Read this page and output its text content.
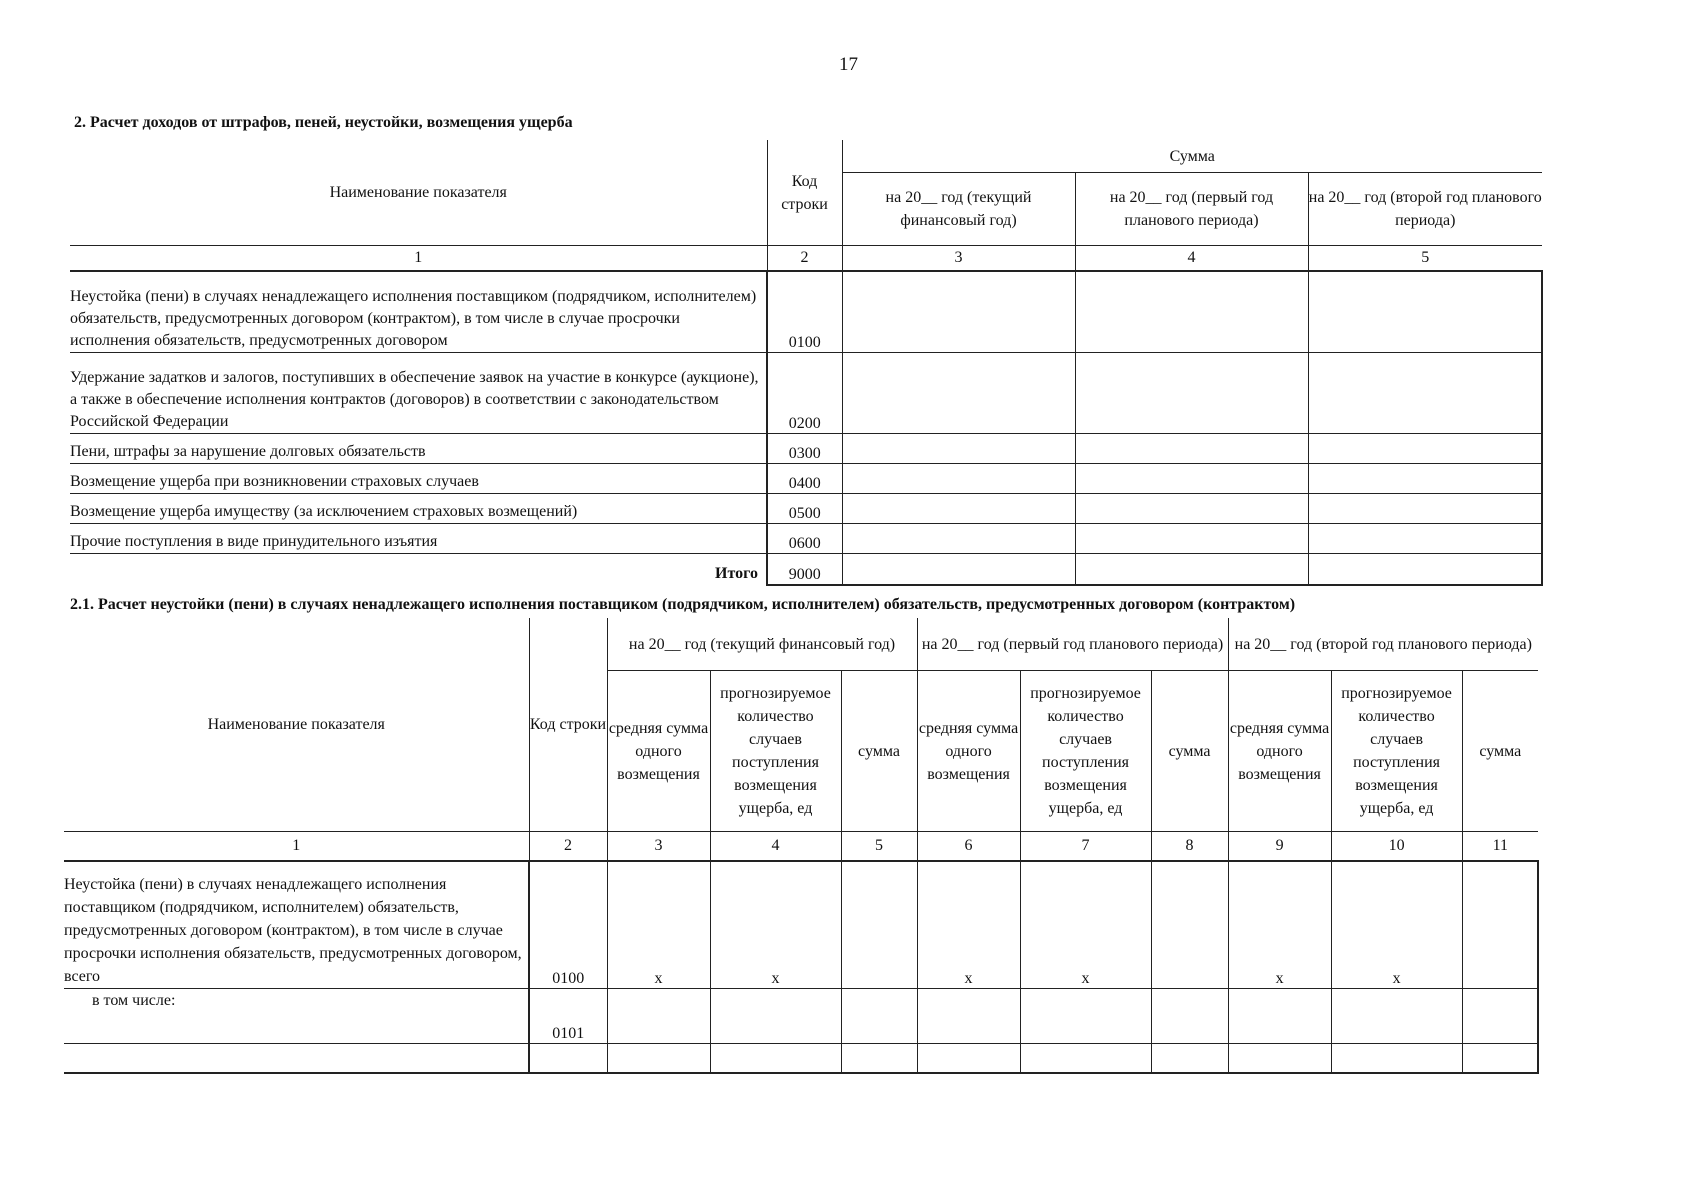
17
2. Расчет доходов от штрафов, пеней, неустойки, возмещения ущерба
Наименование показателя	Код строки	Сумма		
		на 20__ год (текущий финансовый год)	на 20__ год (первый год планового периода)	на 20__ год (второй год планового периода)
1	2	3	4	5
Неустойка (пени) в случаях ненадлежащего исполнения поставщиком (подрядчиком, исполнителем) обязательств, предусмотренных договором (контрактом), в том числе в случае просрочки исполнения обязательств, предусмотренных договором	0100			
Удержание задатков и залогов, поступивших в обеспечение заявок на участие в конкурсе (аукционе), а также в обеспечение исполнения контрактов (договоров) в соответствии с законодательством Российской Федерации	0200			
Пени, штрафы за нарушение долговых обязательств	0300			
Возмещение ущерба при возникновении страховых случаев	0400			
Возмещение ущерба имуществу (за исключением страховых возмещений)	0500			
Прочие поступления в виде принудительного изъятия	0600			
Итого	9000			
2.1. Расчет неустойки (пени) в случаях ненадлежащего исполнения поставщиком (подрядчиком, исполнителем) обязательств, предусмотренных договором (контрактом)
Наименование показателя	Код строки	на 20__ год (текущий финансовый год)			на 20__ год (первый год планового периода)			на 20__ год (второй год планового периода)		
		средняя сумма одного возмещения	прогнозируемое количество случаев поступления возмещения ущерба, ед	сумма	средняя сумма одного возмещения	прогнозируемое количество случаев поступления возмещения ущерба, ед	сумма	средняя сумма одного возмещения	прогнозируемое количество случаев поступления возмещения ущерба, ед	сумма
1	2	3	4	5	6	7	8	9	10	11
Неустойка (пени) в случаях ненадлежащего исполнения поставщиком (подрядчиком, исполнителем) обязательств, предусмотренных договором (контрактом), в том числе в случае просрочки исполнения обязательств, предусмотренных договором, всего	0100	x	x		x	x		x	x	
в том числе:	0101									
